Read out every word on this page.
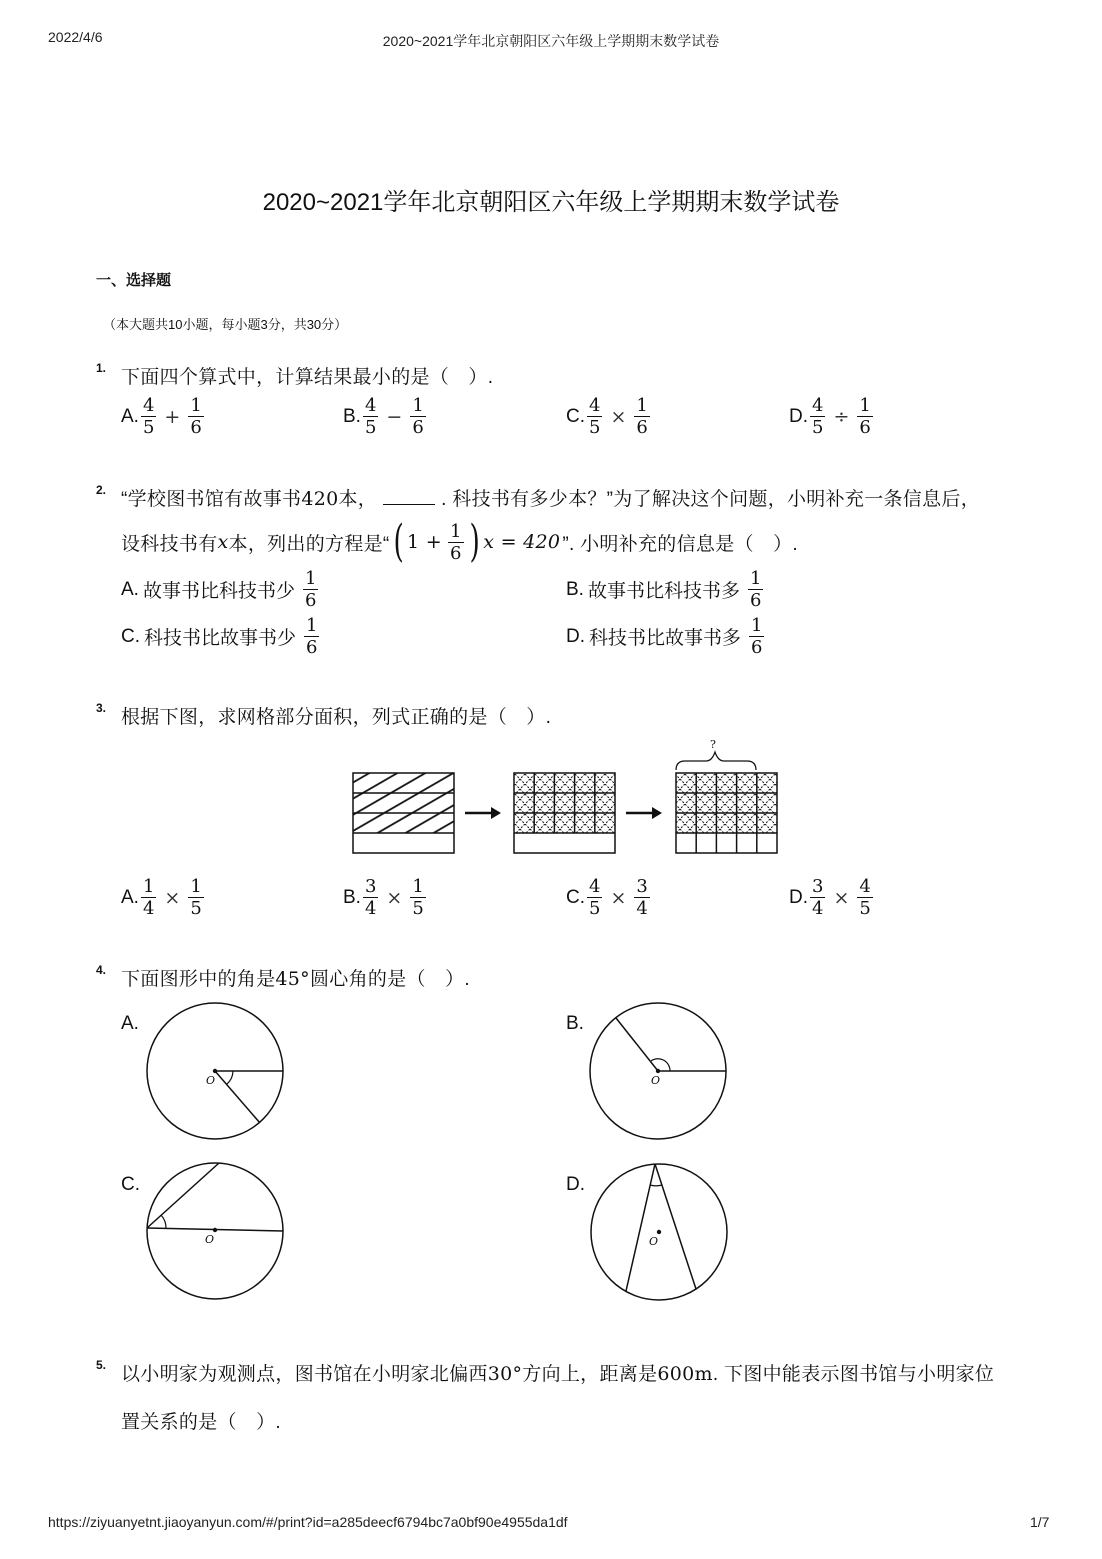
2022/4/6	2020~2021学年北京朝阳区六年级上学期期末数学试卷
2020~2021学年北京朝阳区六年级上学期期末数学试卷
一、选择题
（本大题共10小题，每小题3分，共30分）
1. 下面四个算式中，计算结果最小的是（　）.
A. $\frac{4}{5} + \frac{1}{6}$	B. $\frac{4}{5} - \frac{1}{6}$	C. $\frac{4}{5} \times \frac{1}{6}$	D. $\frac{4}{5} \div \frac{1}{6}$
2. “学校图书馆有故事书420本，	. 科技书有多少本？”为了解决这个问题，小明补充一条信息后，
设科技书有 x 本，列出的方程是“ ( $1 + \frac{1}{6}$ ) x = 420 ”. 小明补充的信息是（　）.
A. 故事书比科技书少 $\frac{1}{6}$	B. 故事书比科技书多 $\frac{1}{6}$
C. 科技书比故事书少 $\frac{1}{6}$	D. 科技书比故事书多 $\frac{1}{6}$
3. 根据下图，求网格部分面积，列式正确的是（　）.
?
A. $\frac{1}{4} \times \frac{1}{5}$	B. $\frac{3}{4} \times \frac{1}{5}$	C. $\frac{4}{5} \times \frac{3}{4}$	D. $\frac{3}{4} \times \frac{4}{5}$
4. 下面图形中的角是45°圆心角的是（　）.
A.	B.
C.	D.
O	O
O	O
5. 以小明家为观测点，图书馆在小明家北偏西30°方向上，距离是600m. 下图中能表示图书馆与小明家位
置关系的是（　）.
https://ziyuanyetnt.jiaoyanyun.com/#/print?id=a285deecf6794bc7a0bf90e4955da1df	1/7
